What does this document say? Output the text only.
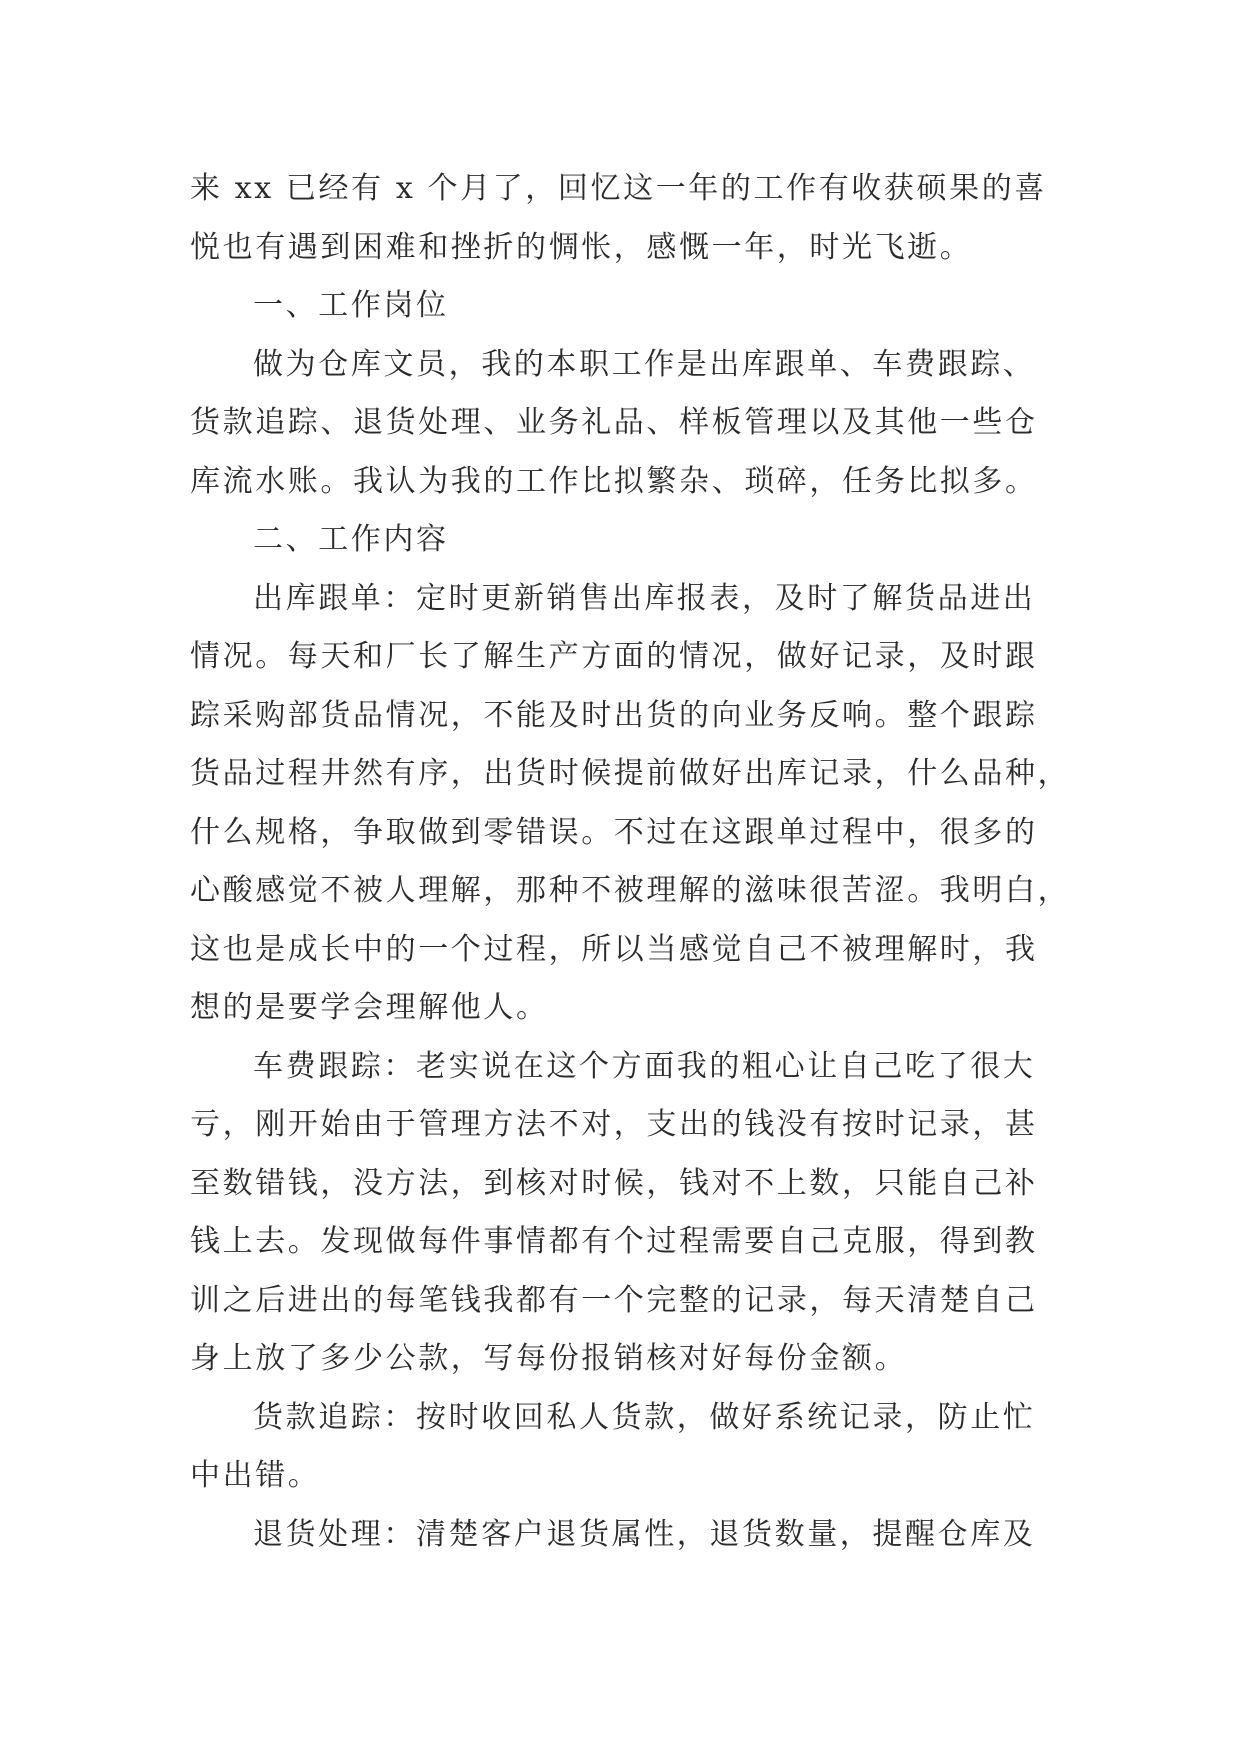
来 xx 已经有 x 个月了，回忆这一年的工作有收获硕果的喜
悦也有遇到困难和挫折的惆怅，感慨一年，时光飞逝。
一、工作岗位
做为仓库文员，我的本职工作是出库跟单、车费跟踪、
货款追踪、退货处理、业务礼品、样板管理以及其他一些仓
库流水账。我认为我的工作比拟繁杂、琐碎，任务比拟多。
二、工作内容
出库跟单：定时更新销售出库报表，及时了解货品进出
情况。每天和厂长了解生产方面的情况，做好记录，及时跟
踪采购部货品情况，不能及时出货的向业务反响。整个跟踪
货品过程井然有序，出货时候提前做好出库记录，什么品种，
什么规格，争取做到零错误。不过在这跟单过程中，很多的
心酸感觉不被人理解，那种不被理解的滋味很苦涩。我明白，
这也是成长中的一个过程，所以当感觉自己不被理解时，我
想的是要学会理解他人。
车费跟踪：老实说在这个方面我的粗心让自己吃了很大
亏，刚开始由于管理方法不对，支出的钱没有按时记录，甚
至数错钱，没方法，到核对时候，钱对不上数，只能自己补
钱上去。发现做每件事情都有个过程需要自己克服，得到教
训之后进出的每笔钱我都有一个完整的记录，每天清楚自己
身上放了多少公款，写每份报销核对好每份金额。
货款追踪：按时收回私人货款，做好系统记录，防止忙
中出错。
退货处理：清楚客户退货属性，退货数量，提醒仓库及
